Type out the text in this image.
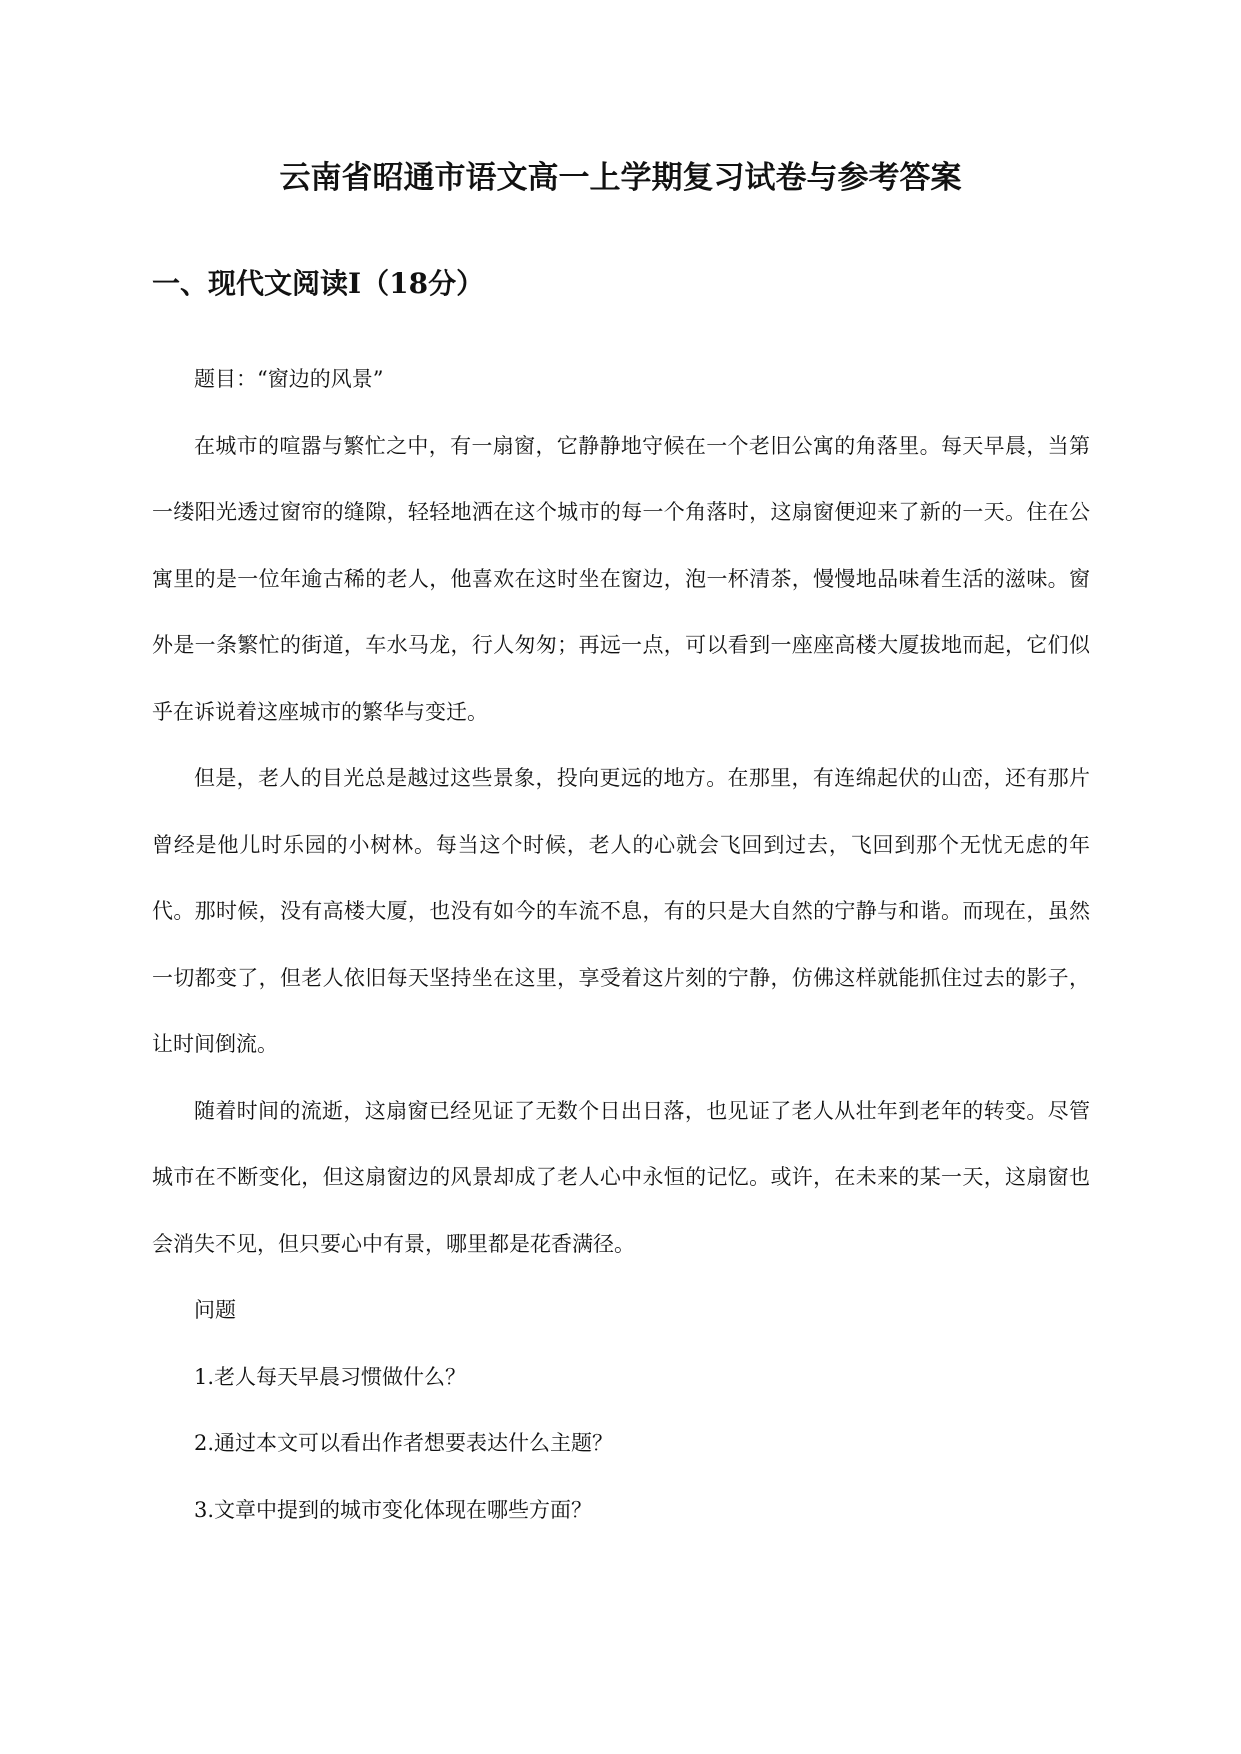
云南省昭通市语文高一上学期复习试卷与参考答案
一、现代文阅读Ⅰ（18分）

题目：“窗边的风景”

在城市的喧嚣与繁忙之中，有一扇窗，它静静地守候在一个老旧公寓的角落里。每天早晨，当第一缕阳光透过窗帘的缝隙，轻轻地洒在这个城市的每一个角落时，这扇窗便迎来了新的一天。住在公寓里的是一位年逾古稀的老人，他喜欢在这时坐在窗边，泡一杯清茶，慢慢地品味着生活的滋味。窗外是一条繁忙的街道，车水马龙，行人匆匆；再远一点，可以看到一座座高楼大厦拔地而起，它们似乎在诉说着这座城市的繁华与变迁。

但是，老人的目光总是越过这些景象，投向更远的地方。在那里，有连绵起伏的山峦，还有那片曾经是他儿时乐园的小树林。每当这个时候，老人的心就会飞回到过去，飞回到那个无忧无虑的年代。那时候，没有高楼大厦，也没有如今的车流不息，有的只是大自然的宁静与和谐。而现在，虽然一切都变了，但老人依旧每天坚持坐在这里，享受着这片刻的宁静，仿佛这样就能抓住过去的影子，让时间倒流。

随着时间的流逝，这扇窗已经见证了无数个日出日落，也见证了老人从壮年到老年的转变。尽管城市在不断变化，但这扇窗边的风景却成了老人心中永恒的记忆。或许，在未来的某一天，这扇窗也会消失不见，但只要心中有景，哪里都是花香满径。

问题

1.老人每天早晨习惯做什么？

2.通过本文可以看出作者想要表达什么主题？

3.文章中提到的城市变化体现在哪些方面？
